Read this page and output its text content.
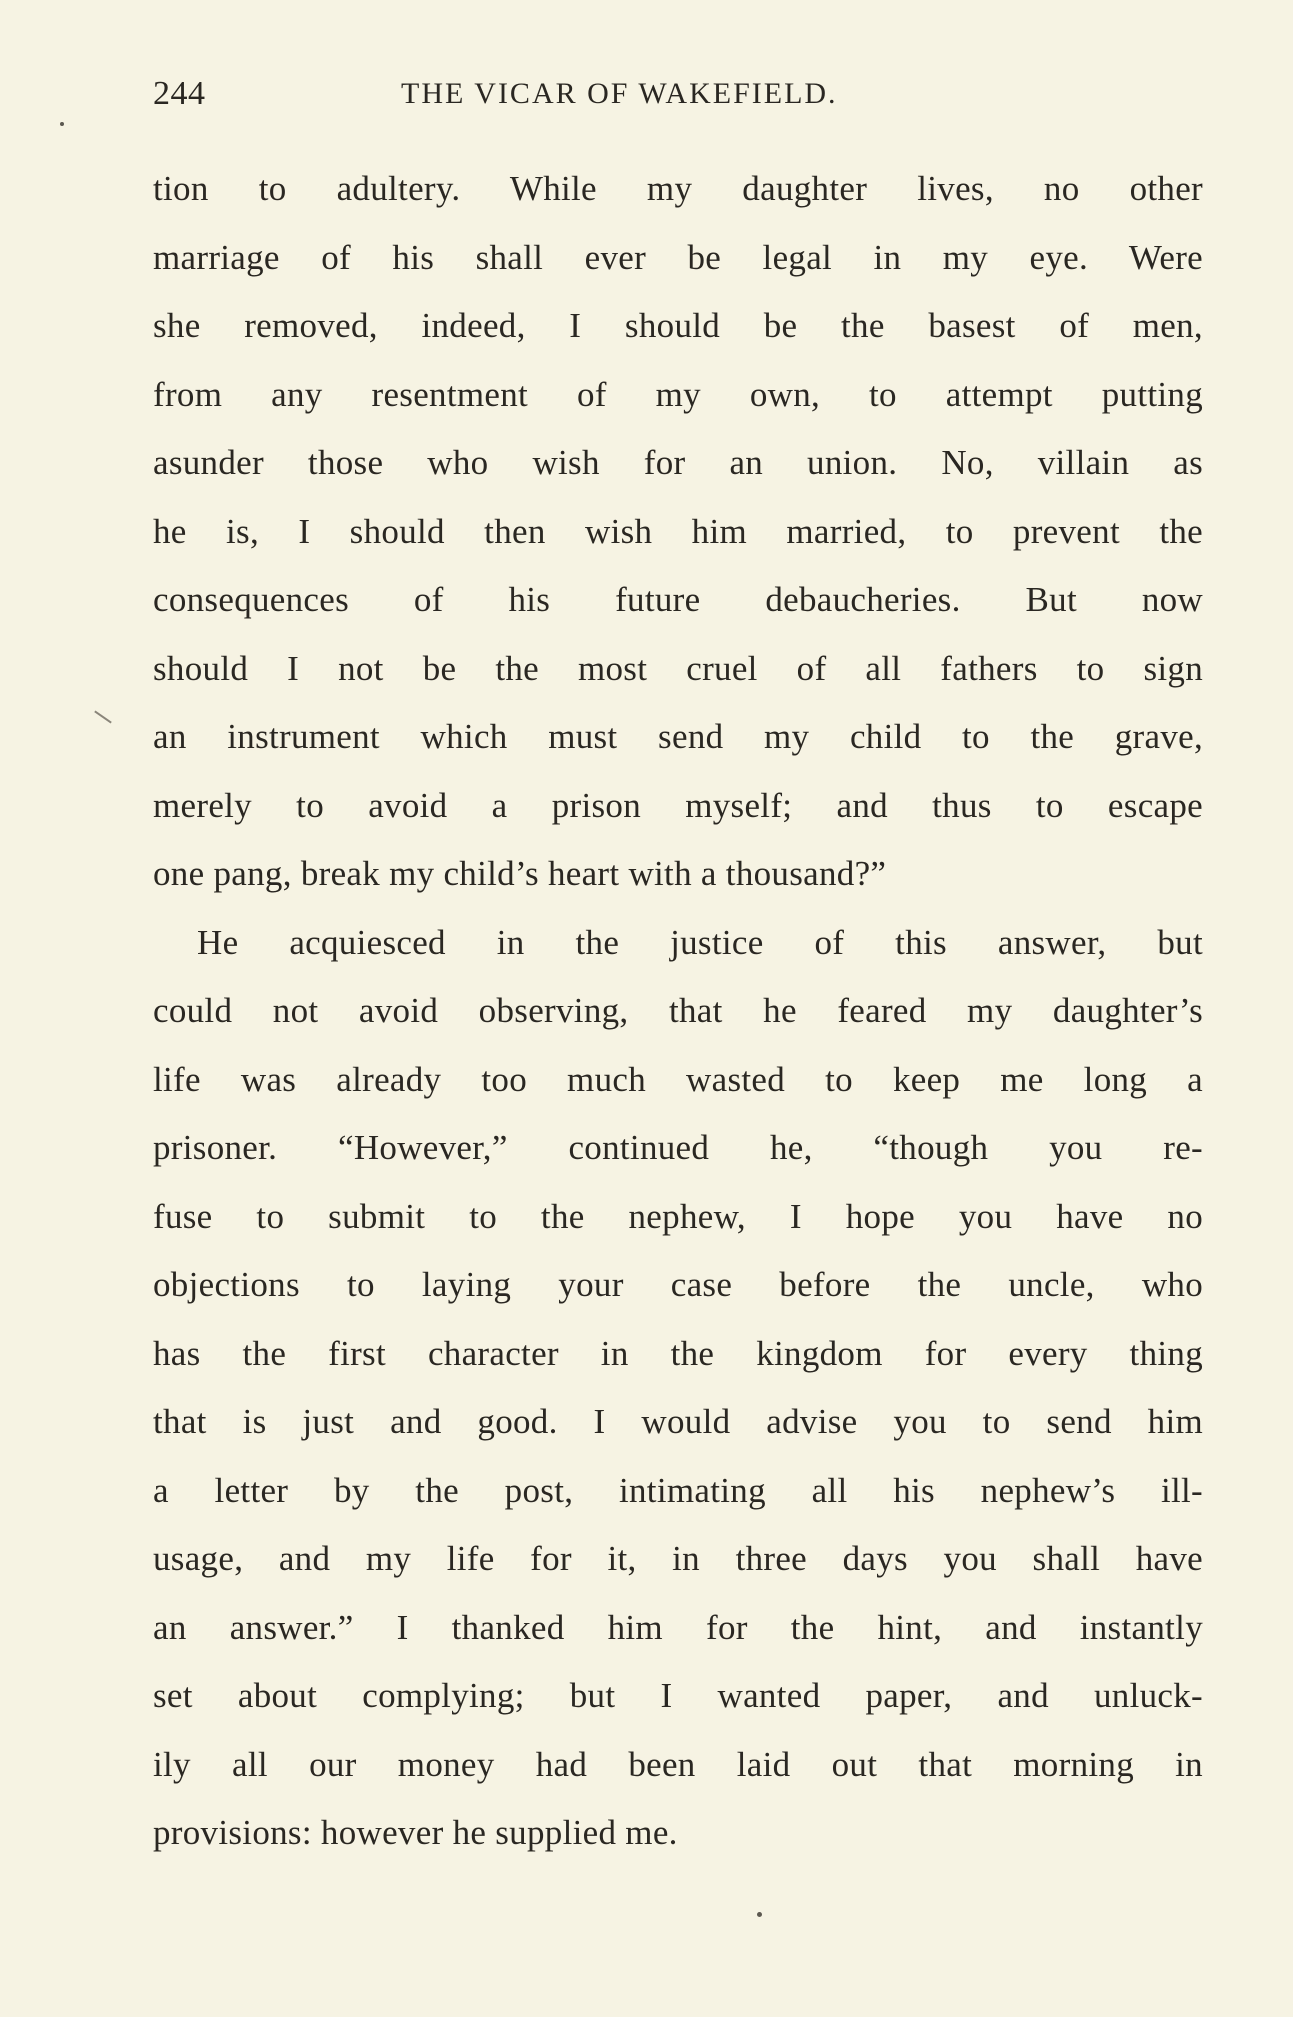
244	THE VICAR OF WAKEFIELD.
tion to adultery. While my daughter lives, no other
marriage of his shall ever be legal in my eye. Were
she removed, indeed, I should be the basest of men,
from any resentment of my own, to attempt putting
asunder those who wish for an union. No, villain as
he is, I should then wish him married, to prevent the
consequences of his future debaucheries. But now
should I not be the most cruel of all fathers to sign
an instrument which must send my child to the grave,
merely to avoid a prison myself; and thus to escape
one pang, break my child’s heart with a thousand?”
He acquiesced in the justice of this answer, but
could not avoid observing, that he feared my daughter’s
life was already too much wasted to keep me long a
prisoner. “However,” continued he, “though you re-
fuse to submit to the nephew, I hope you have no
objections to laying your case before the uncle, who
has the first character in the kingdom for every thing
that is just and good. I would advise you to send him
a letter by the post, intimating all his nephew’s ill-
usage, and my life for it, in three days you shall have
an answer.” I thanked him for the hint, and instantly
set about complying; but I wanted paper, and unluck-
ily all our money had been laid out that morning in
provisions: however he supplied me.
